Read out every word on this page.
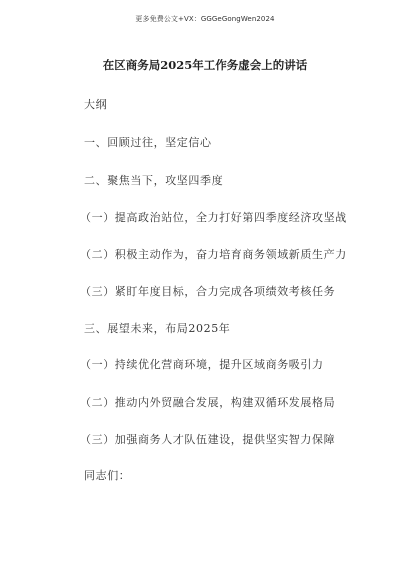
更多免费公文+VX：GGGeGongWen2024
在区商务局2025年工作务虚会上的讲话
大纲
一、回顾过往，坚定信心
二、聚焦当下，攻坚四季度
（一）提高政治站位，全力打好第四季度经济攻坚战
（二）积极主动作为，奋力培育商务领域新质生产力
（三）紧盯年度目标，合力完成各项绩效考核任务
三、展望未来，布局2025年
（一）持续优化营商环境，提升区域商务吸引力
（二）推动内外贸融合发展，构建双循环发展格局
（三）加强商务人才队伍建设，提供坚实智力保障
同志们：
